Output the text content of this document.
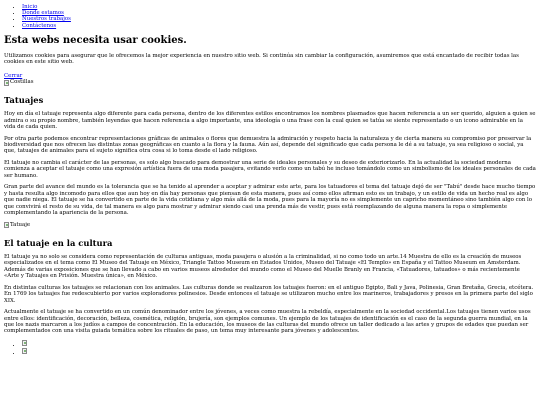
• Inicio
• Donde estamos
• Nuestros trabajos
• Contáctenos
Esta webs necesita usar cookies.

Utilizamos cookies para asegurar que le ofrecemos la mejor experiencia en nuestro sitio web. Si continúa sin cambiar la configuración, asumiremos que está encantado de recibir todas las cookies en este sitio web.

Cerrar
Costillas
Tatuajes

Hoy en día el tatuaje representa algo diferente para cada persona, dentro de los diferentes estilos encontramos los nombres plasmados que hacen referencia a un ser querido, alguien a quien se admira o su propio nombre, también leyendas que hacen referencia a algo importante, una ideología o una frase con la cual quien se tatúa se siente representado o un icono admirable en la vida de cada quien.

Por otra parte podemos encontrar representaciones gráficas de animales o flores que demuestra la admiración y respeto hacia la naturaleza y de cierta manera su compromiso por preservar la biodiversidad que nos ofrecen las distintas zonas geográficas en cuanto a la flora y la fauna. Aún así, depende del significado que cada persona le dé a su tatuaje, ya sea religioso o social, ya que, tatuajes de animales para el sujeto significa otra cosa si lo toma desde el lado religioso.

El tatuaje no cambia el carácter de las personas, es solo algo buscado para demostrar una serie de ideales personales y su deseo de exteriorizarlo. En la actualidad la sociedad moderna comienza a aceptar el tatuaje como una expresión artística fuera de una moda pasajera, evitando verlo como un tabú he incluso tomándolo como un simbolismo de los ideales personales de cada ser humano.

Gran parte del avance del mundo es la tolerancia que se ha tenido al aprender a aceptar y admirar este arte, para los tatuadores el tema del tatuaje dejó de ser "Tabú" desde hace mucho tiempo y hasta resulta algo incomodo para ellos que aun hoy en día hay personas que piensan de esta manera, pues así como ellos afirman esto es un trabajo, y un estilo de vida un hecho real es algo que nadie niega. El tatuaje se ha convertido en parte de la vida cotidiana y algo más allá de la moda, pues para la mayoría no es simplemente un capricho momentáneo sino también algo con lo que convivirá el resto de su vida, de tal manera es algo para mostrar y admirar siendo casi una prenda más de vestir, pues está reemplazando de alguna manera la ropa o simplemente complementando la apariencia de la persona.

Tatuaje
El tatuaje en la cultura

El tatuaje ya no solo se considera como representación de culturas antiguas, moda pasajera o alusión a la criminalidad, si no como todo un arte.14 Muestra de ello es la creación de museos especializados en el tema como El Museo del Tatuaje en México, Triangle Tattoo Museum en Estados Unidos, Museo del Tatuaje «El Templo» en España y el Tattoo Museum en Ámsterdam. Además de varias exposiciones que se han llevado a cabo en varios museos alrededor del mundo como el Museo del Muelle Branly en Francia, «Tatuadores, tatuados» o más recientemente «Arte y Tatuajes en Prisión. Muestra única», en México.

En distintas culturas los tatuajes se relacionan con los animales. Las culturas donde se realizaron los tatuajes fueron: en el antiguo Egipto, Bali y Java, Polinesia, Gran Bretaña, Grecia, etcétera. En 1769 los tatuajes fue redescubierto por varios exploradores polinesios. Desde entonces el tatuaje se utilizaron mucho entre los marineros, trabajadores y presos en la primera parte del siglo XIX.

Actualmente el tatuaje se ha convertido en un común denominador entre los jóvenes, a veces como muestra la rebeldía, especialmente en la sociedad occidental.Los tatuajes tienen varios usos entre ellos: identificación, decoración, belleza, cosmética, religión, brujería, son ejemplos comunes. Un ejemplo de los tatuajes de identificación es el caso de la segunda guerra mundial, en la que los nazis marcaron a los judíos a campos de concentración. En la educación, los museos de las culturas del mundo ofrece un taller dedicado a las artes y grupos de edades que puedan ser complementados con una visita guiada temática sobre los rituales de paso, un tema muy interesante para jóvenes y adolescentes.

•
•
